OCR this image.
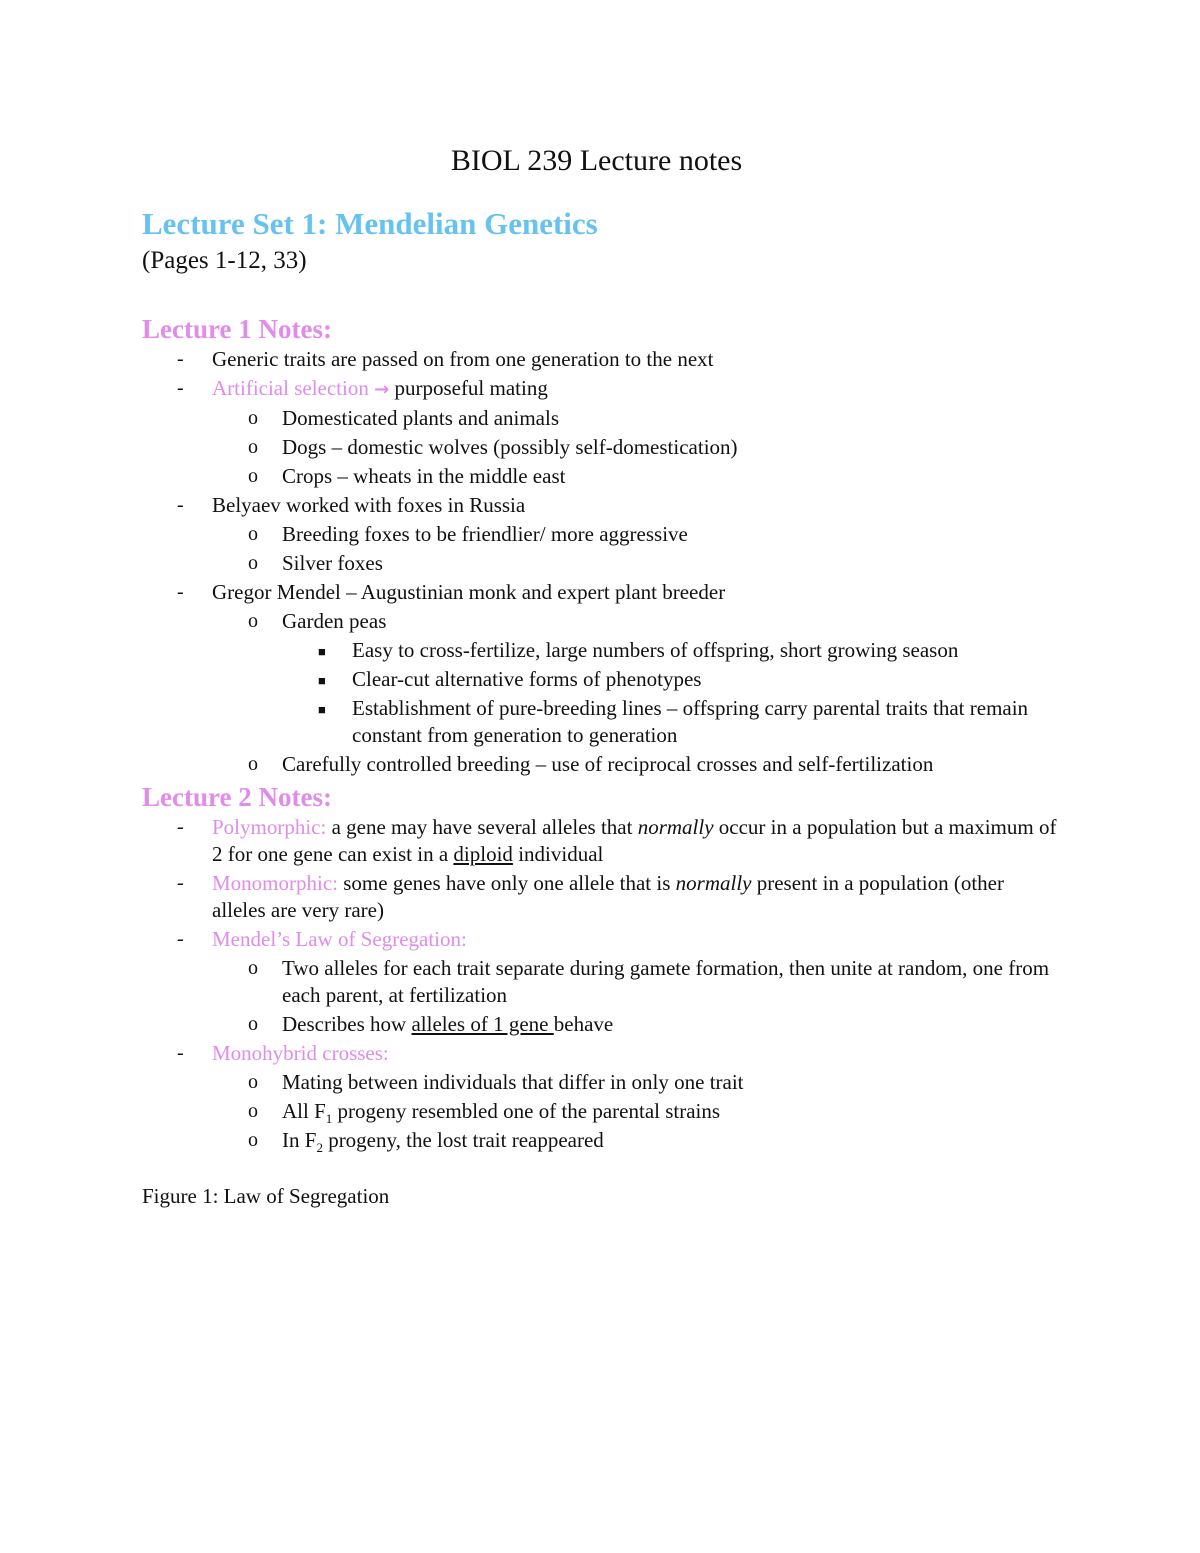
BIOL 239 Lecture notes
Lecture Set 1: Mendelian Genetics
(Pages 1-12, 33)
Lecture 1 Notes:
- Generic traits are passed on from one generation to the next
- Artificial selection → purposeful mating
o Domesticated plants and animals
o Dogs – domestic wolves (possibly self-domestication)
o Crops – wheats in the middle east
- Belyaev worked with foxes in Russia
o Breeding foxes to be friendlier/ more aggressive
o Silver foxes
- Gregor Mendel – Augustinian monk and expert plant breeder
o Garden peas
■ Easy to cross-fertilize, large numbers of offspring, short growing season
■ Clear-cut alternative forms of phenotypes
■ Establishment of pure-breeding lines – offspring carry parental traits that remain constant from generation to generation
o Carefully controlled breeding – use of reciprocal crosses and self-fertilization
Lecture 2 Notes:
- Polymorphic: a gene may have several alleles that normally occur in a population but a maximum of 2 for one gene can exist in a diploid individual
- Monomorphic: some genes have only one allele that is normally present in a population (other alleles are very rare)
- Mendel’s Law of Segregation:
o Two alleles for each trait separate during gamete formation, then unite at random, one from each parent, at fertilization
o Describes how alleles of 1 gene behave
- Monohybrid crosses:
o Mating between individuals that differ in only one trait
o All $F_1$ progeny resembled one of the parental strains
o In $F_2$ progeny, the lost trait reappeared
Figure 1: Law of Segregation
